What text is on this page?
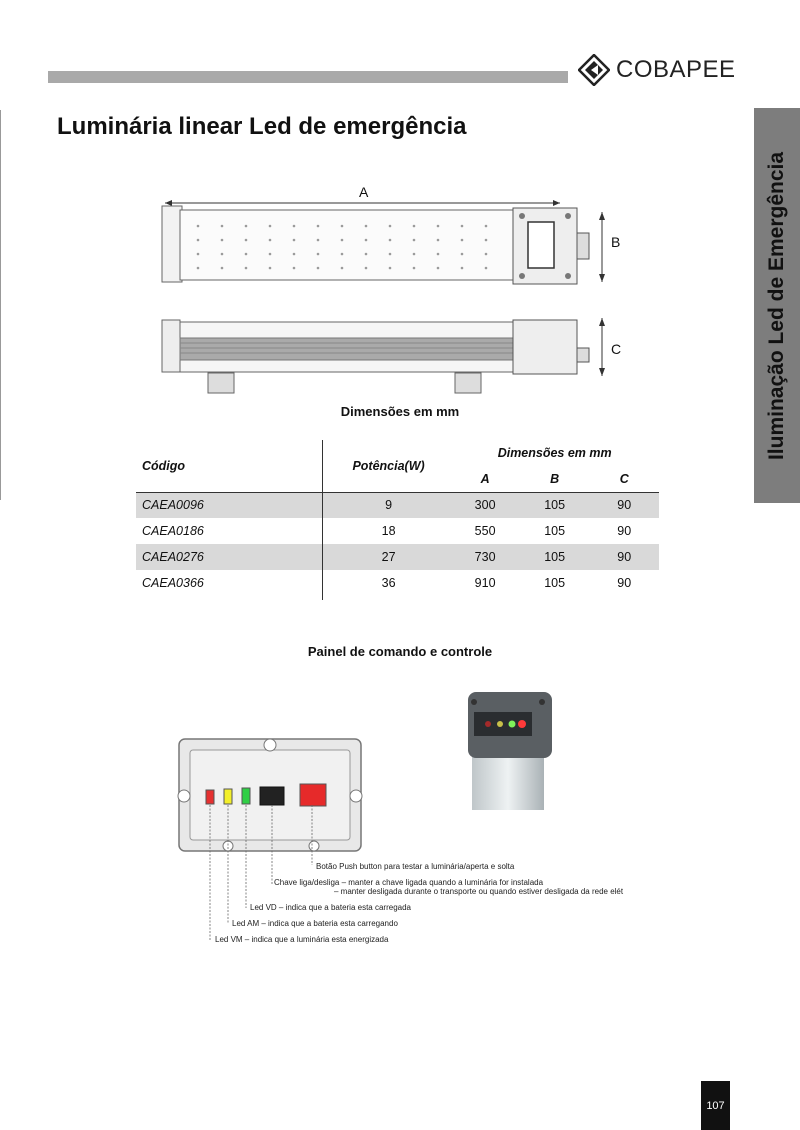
COBAPEE
Iluminação Led de Emergência
Luminária linear Led de emergência
A
B
C
Dimensões em mm
Código	Potência(W)	Dimensões em mm		
		A	B	C
CAEA0096	9	300	105	90
CAEA0186	18	550	105	90
CAEA0276	27	730	105	90
CAEA0366	36	910	105	90
Painel de comando e controle
Botão Push button para testar a luminária/aperta e solta
Chave liga/desliga – manter a chave ligada quando a luminária for instalada
– manter desligada durante o transporte ou quando estiver desligada da rede elét
Led VD – indica que a bateria esta carregada
Led AM – indica que a bateria esta carregando
Led VM – indica que a luminária esta energizada
107
